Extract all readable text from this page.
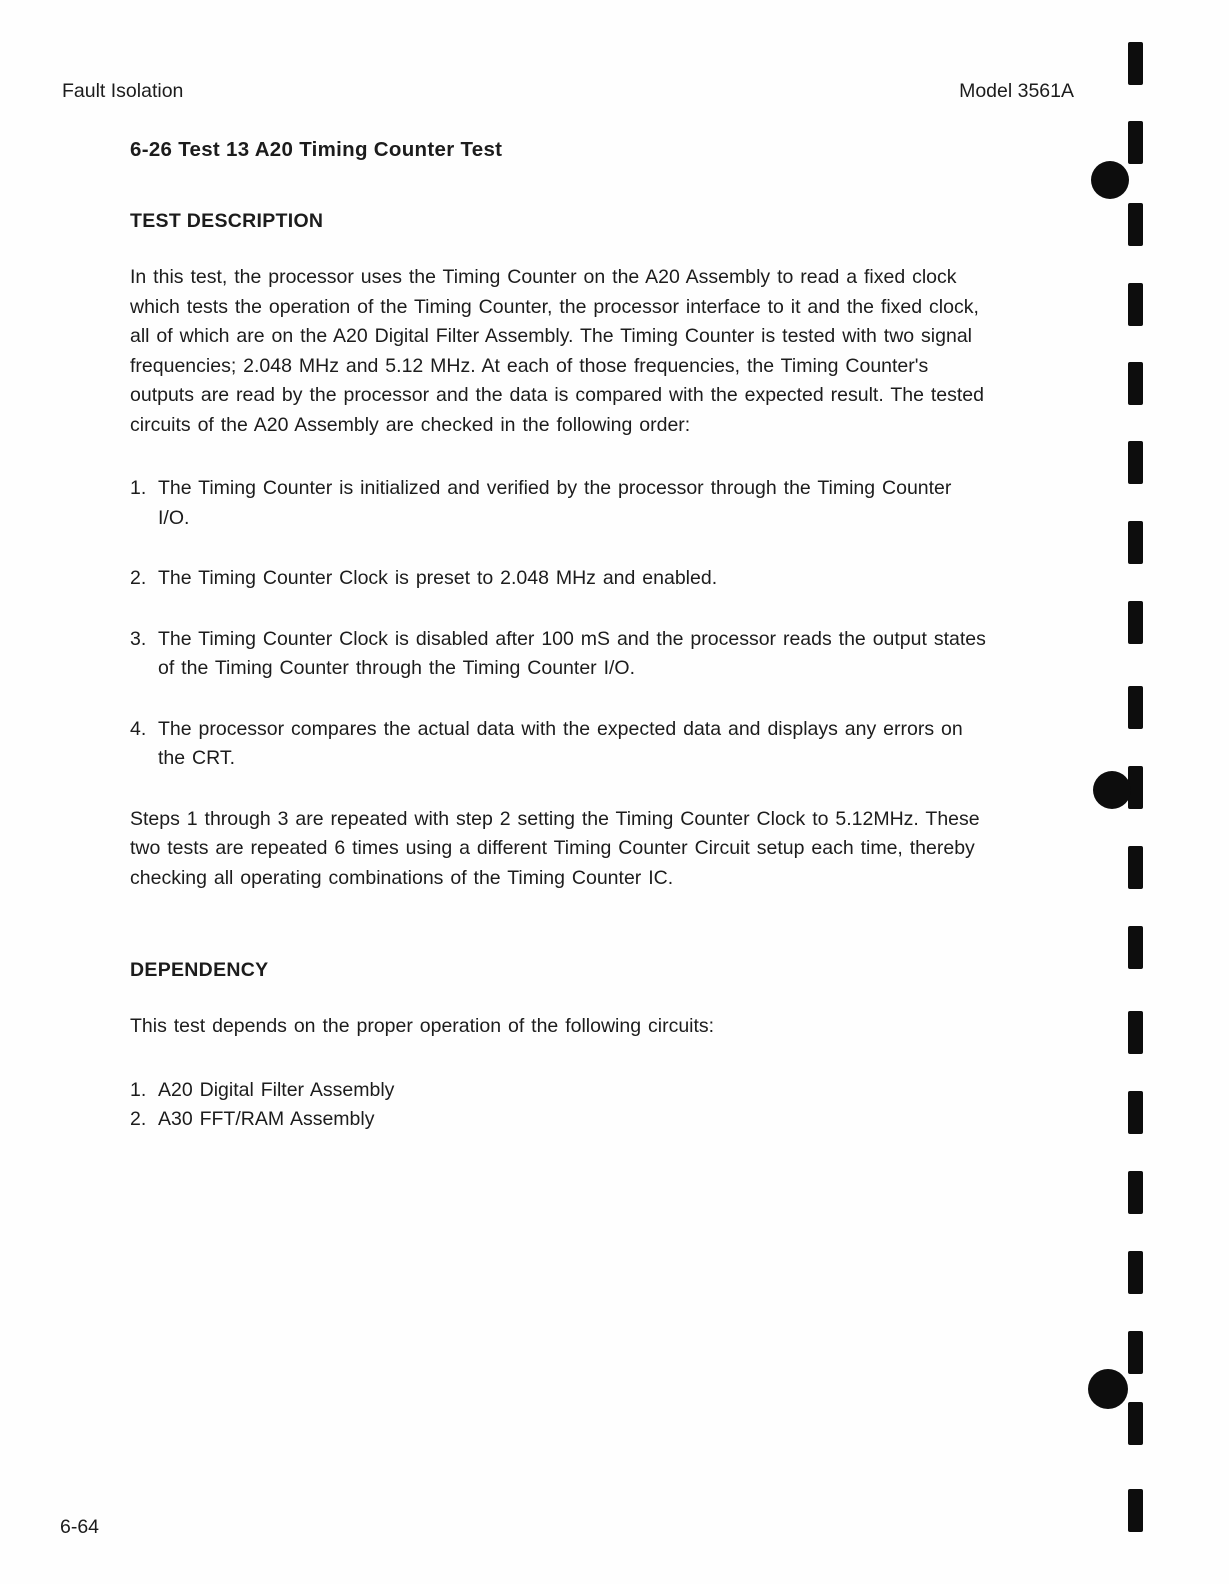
Fault Isolation	Model 3561A
6-26 Test 13 A20 Timing Counter Test
TEST DESCRIPTION

In this test, the processor uses the Timing Counter on the A20 Assembly to read a fixed clock which tests the operation of the Timing Counter, the processor interface to it and the fixed clock, all of which are on the A20 Digital Filter Assembly. The Timing Counter is tested with two signal frequencies; 2.048 MHz and 5.12 MHz. At each of those frequencies, the Timing Counter's outputs are read by the processor and the data is compared with the expected result. The tested circuits of the A20 Assembly are checked in the following order:

1. The Timing Counter is initialized and verified by the processor through the Timing Counter I/O.
2. The Timing Counter Clock is preset to 2.048 MHz and enabled.
3. The Timing Counter Clock is disabled after 100 mS and the processor reads the output states of the Timing Counter through the Timing Counter I/O.
4. The processor compares the actual data with the expected data and displays any errors on the CRT.

Steps 1 through 3 are repeated with step 2 setting the Timing Counter Clock to 5.12MHz. These two tests are repeated 6 times using a different Timing Counter Circuit setup each time, thereby checking all operating combinations of the Timing Counter IC.

DEPENDENCY

This test depends on the proper operation of the following circuits:

1. A20 Digital Filter Assembly
2. A30 FFT/RAM Assembly
6-64
